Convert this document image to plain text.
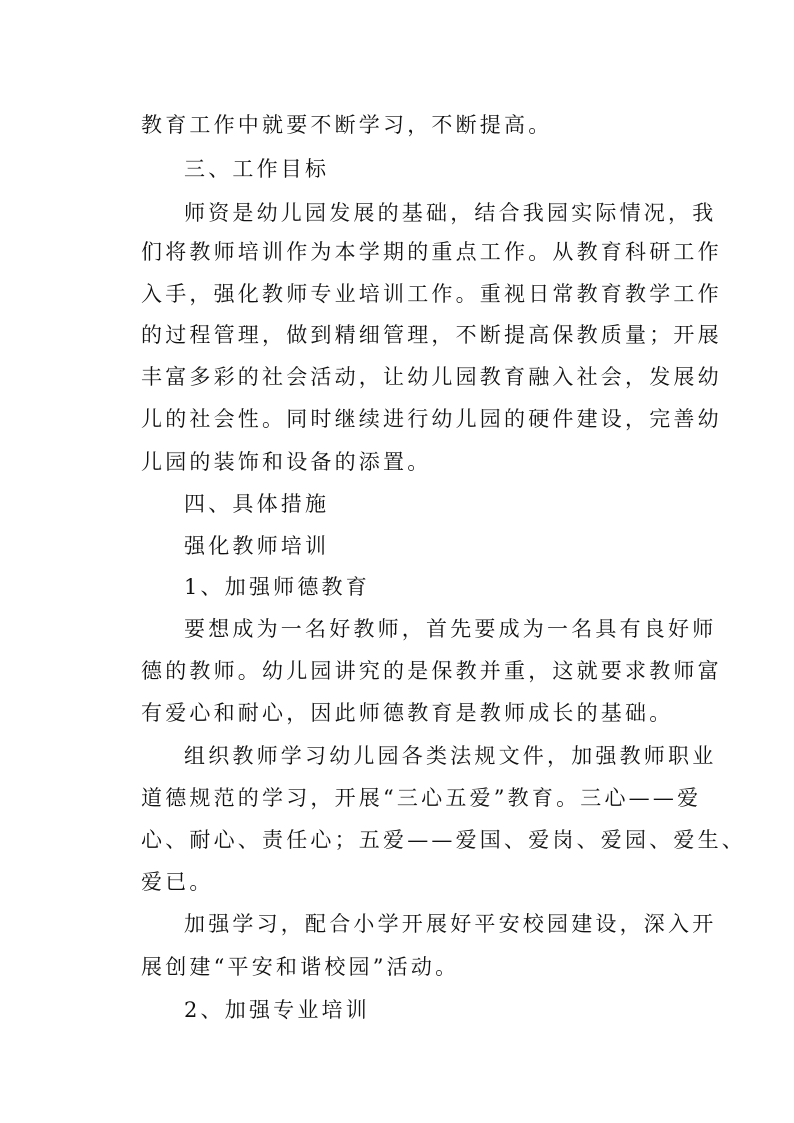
教育工作中就要不断学习，不断提高。
三、工作目标
师资是幼儿园发展的基础，结合我园实际情况，我
们将教师培训作为本学期的重点工作。从教育科研工作
入手，强化教师专业培训工作。重视日常教育教学工作
的过程管理，做到精细管理，不断提高保教质量；开展
丰富多彩的社会活动，让幼儿园教育融入社会，发展幼
儿的社会性。同时继续进行幼儿园的硬件建设，完善幼
儿园的装饰和设备的添置。
四、具体措施
强化教师培训
1、加强师德教育
要想成为一名好教师，首先要成为一名具有良好师
德的教师。幼儿园讲究的是保教并重，这就要求教师富
有爱心和耐心，因此师德教育是教师成长的基础。
组织教师学习幼儿园各类法规文件，加强教师职业
道德规范的学习，开展“三心五爱”教育。三心——爱
心、耐心、责任心；五爱——爱国、爱岗、爱园、爱生、
爱已。
加强学习，配合小学开展好平安校园建设，深入开
展创建“平安和谐校园”活动。
2、加强专业培训
